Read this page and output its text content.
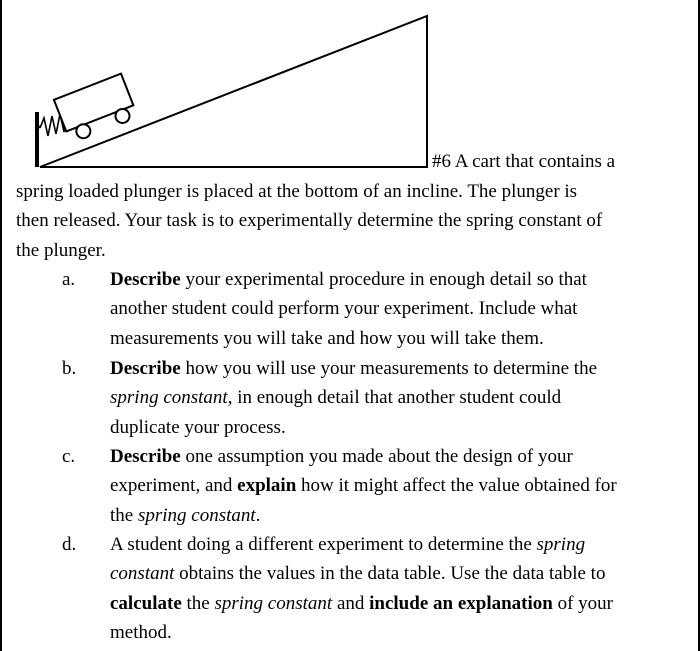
#6 A cart that contains a
spring loaded plunger is placed at the bottom of an incline. The plunger is
then released. Your task is to experimentally determine the spring constant of
the plunger.
a. Describe your experimental procedure in enough detail so that
another student could perform your experiment. Include what
measurements you will take and how you will take them.
b. Describe how you will use your measurements to determine the
spring constant, in enough detail that another student could
duplicate your process.
c. Describe one assumption you made about the design of your
experiment, and explain how it might affect the value obtained for
the spring constant.
d. A student doing a different experiment to determine the spring
constant obtains the values in the data table. Use the data table to
calculate the spring constant and include an explanation of your
method.
